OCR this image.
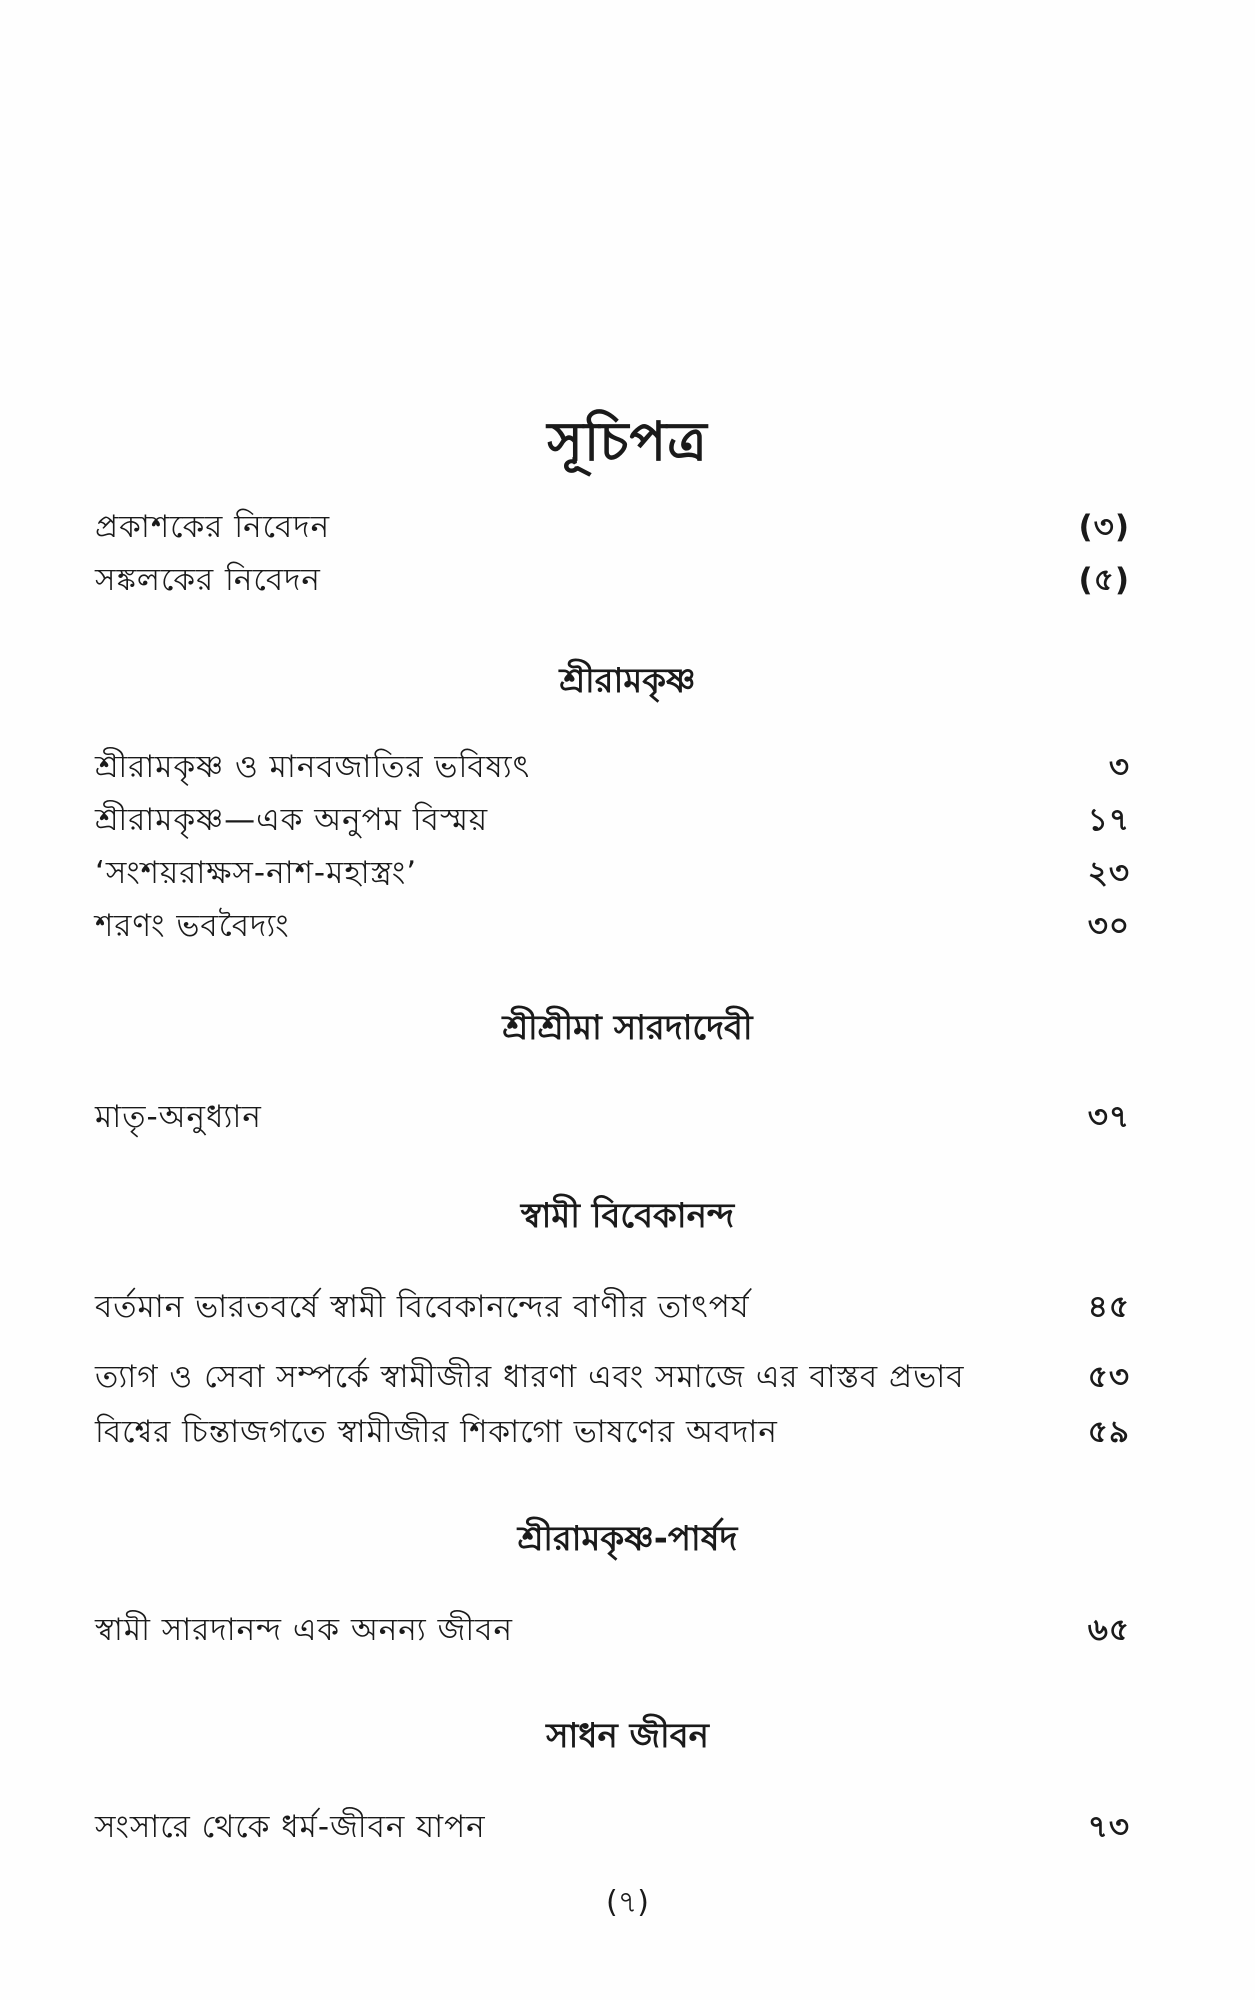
সূচিপত্র
প্রকাশকের নিবেদন	(৩)
সঙ্কলকের নিবেদন	(৫)
শ্রীরামকৃষ্ণ
শ্রীরামকৃষ্ণ ও মানবজাতির ভবিষ্যৎ	৩
শ্রীরামকৃষ্ণ—এক অনুপম বিস্ময়	১৭
‘সংশয়রাক্ষস-নাশ-মহাস্ত্রং’	২৩
শরণং ভববৈদ্যং	৩০
শ্রীশ্রীমা সারদাদেবী
মাতৃ-অনুধ্যান	৩৭
স্বামী বিবেকানন্দ
বর্তমান ভারতবর্ষে স্বামী বিবেকানন্দের বাণীর তাৎপর্য	৪৫
ত্যাগ ও সেবা সম্পর্কে স্বামীজীর ধারণা এবং সমাজে এর বাস্তব প্রভাব	৫৩
বিশ্বের চিন্তাজগতে স্বামীজীর শিকাগো ভাষণের অবদান	৫৯
শ্রীরামকৃষ্ণ-পার্ষদ
স্বামী সারদানন্দ এক অনন্য জীবন	৬৫
সাধন জীবন
সংসারে থেকে ধর্ম-জীবন যাপন	৭৩

(৭)
